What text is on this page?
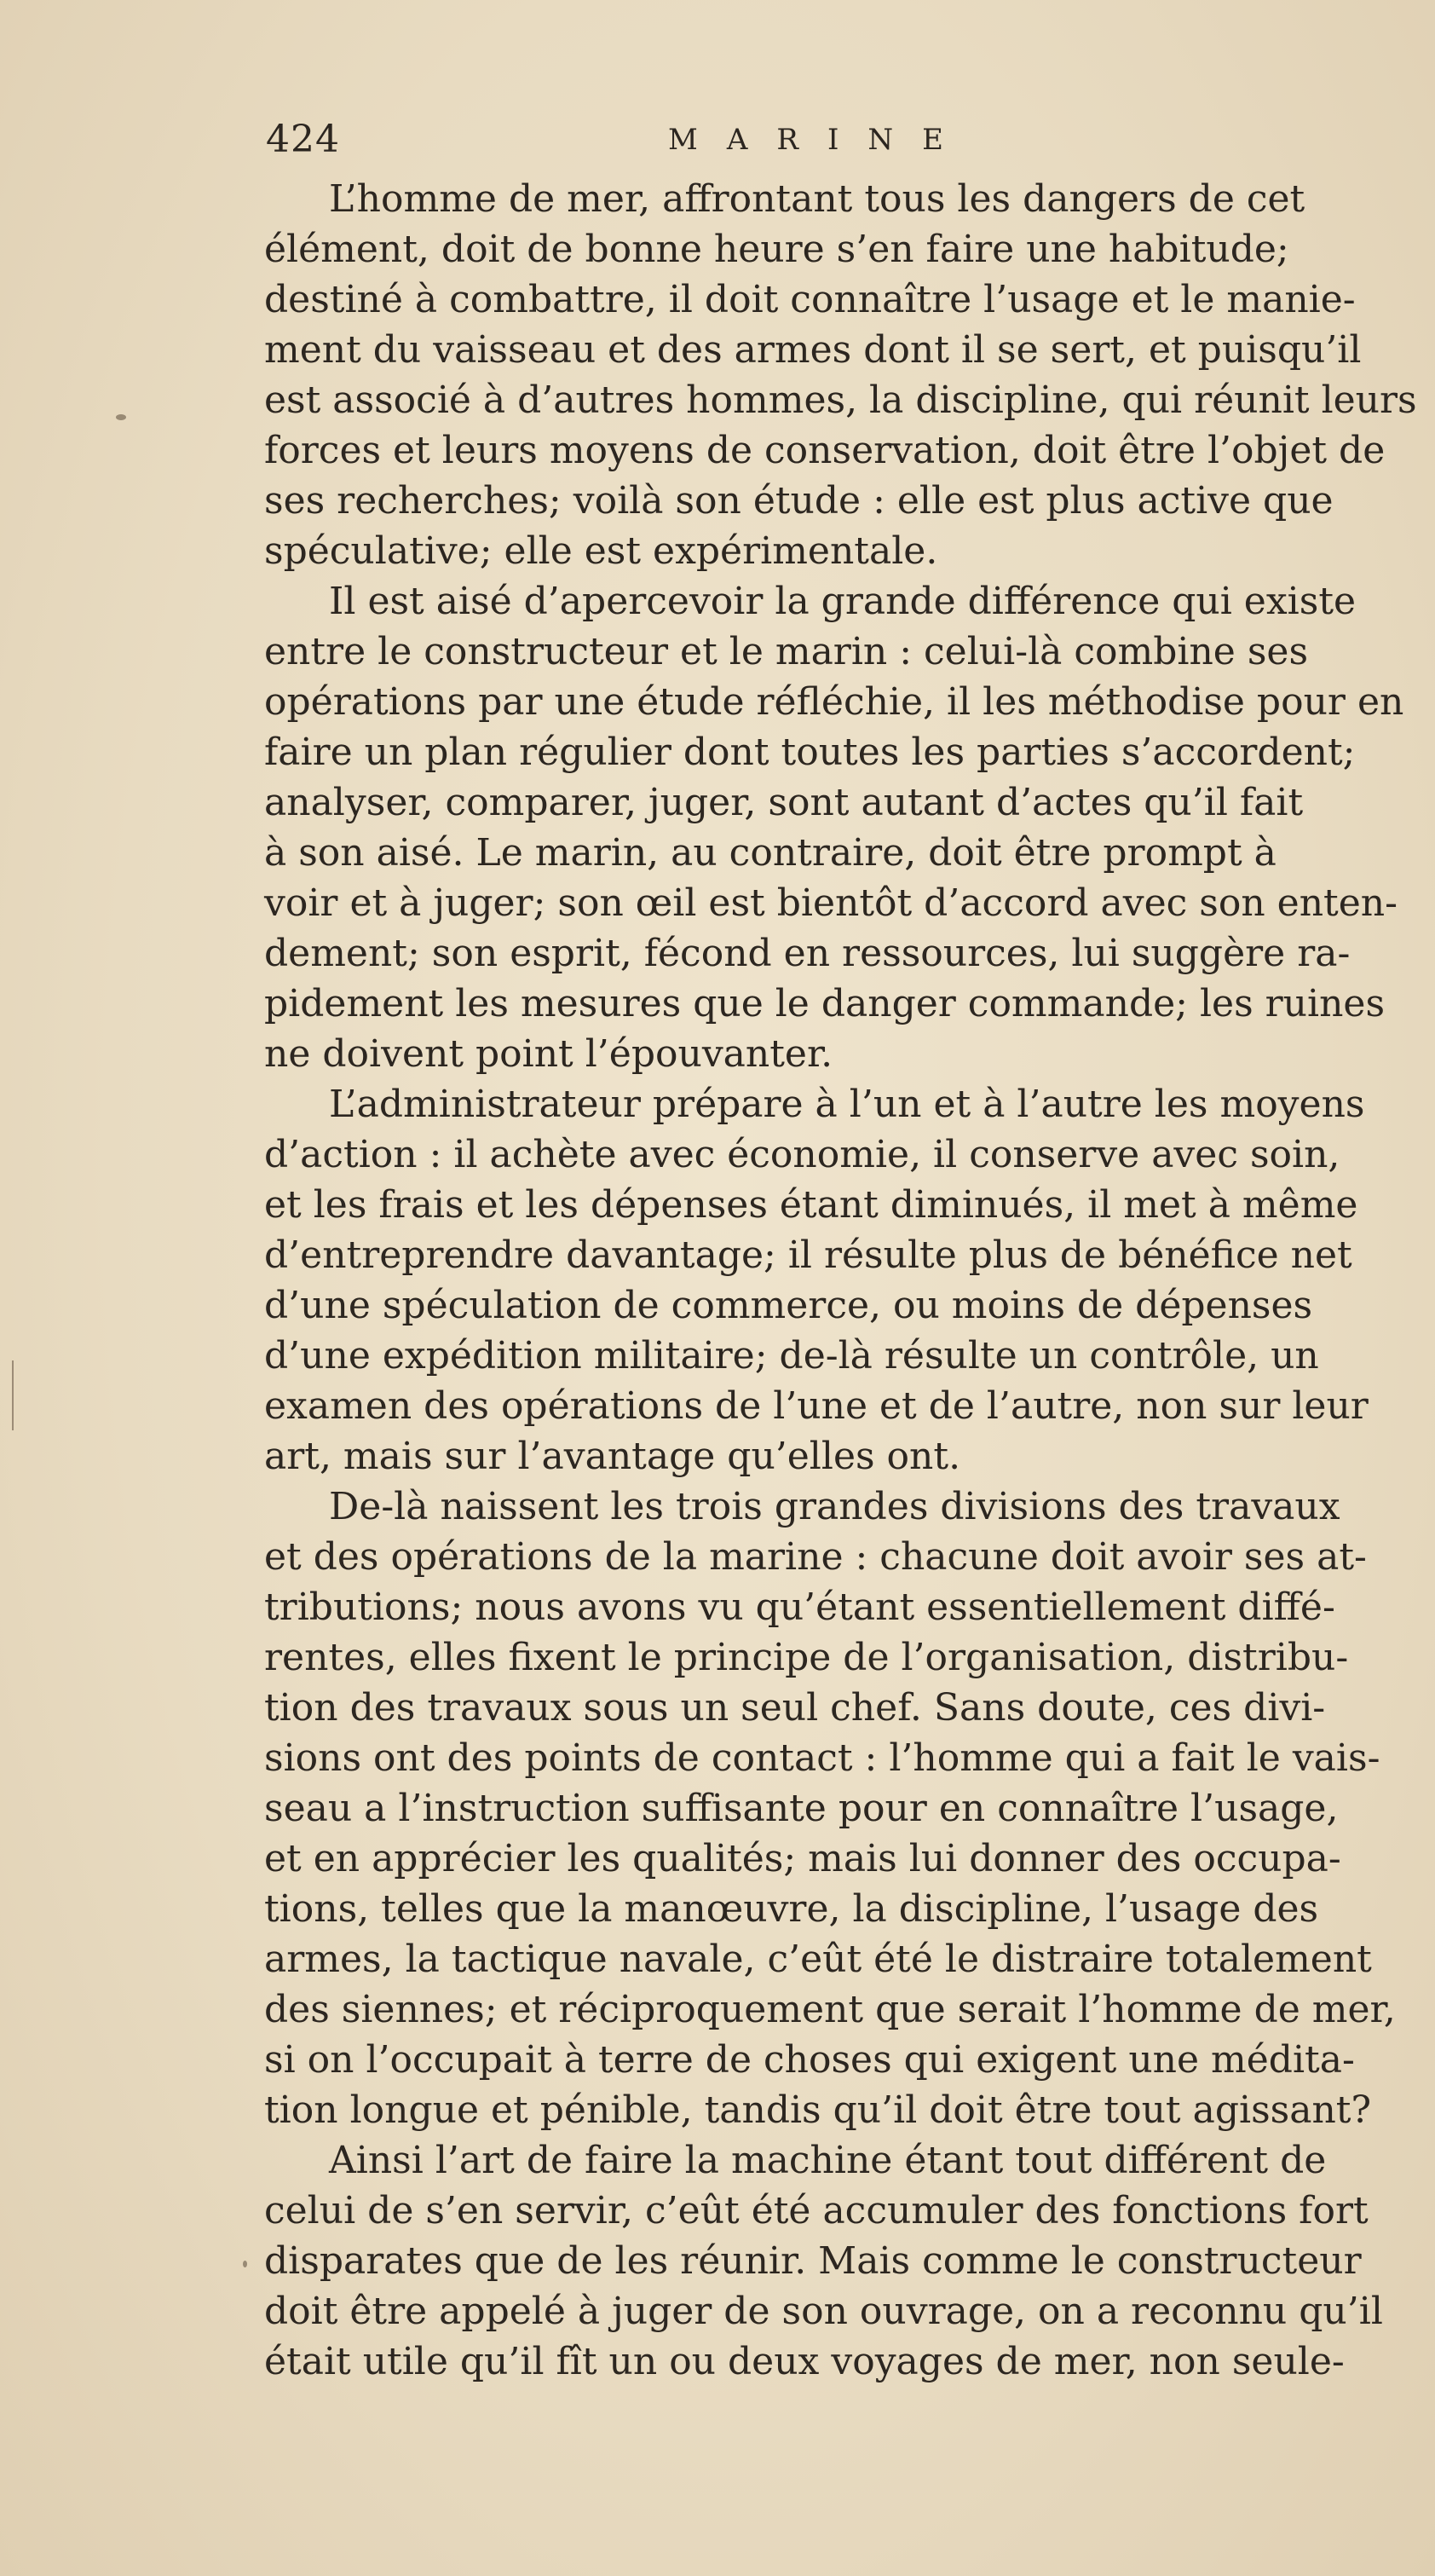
424	MARINE
L’homme de mer, affrontant tous les dangers de cet
élément, doit de bonne heure s’en faire une habitude;
destiné à combattre, il doit connaître l’usage et le manie-
ment du vaisseau et des armes dont il se sert, et puisqu’il
est associé à d’autres hommes, la discipline, qui réunit leurs
forces et leurs moyens de conservation, doit être l’objet de
ses recherches; voilà son étude : elle est plus active que
spéculative; elle est expérimentale.
Il est aisé d’apercevoir la grande différence qui existe
entre le constructeur et le marin : celui-là combine ses
opérations par une étude réfléchie, il les méthodise pour en
faire un plan régulier dont toutes les parties s’accordent;
analyser, comparer, juger, sont autant d’actes qu’il fait
à son aisé. Le marin, au contraire, doit être prompt à
voir et à juger; son œil est bientôt d’accord avec son enten-
dement; son esprit, fécond en ressources, lui suggère ra-
pidement les mesures que le danger commande; les ruines
ne doivent point l’épouvanter.
L’administrateur prépare à l’un et à l’autre les moyens
d’action : il achète avec économie, il conserve avec soin,
et les frais et les dépenses étant diminués, il met à même
d’entreprendre davantage; il résulte plus de bénéfice net
d’une spéculation de commerce, ou moins de dépenses
d’une expédition militaire; de-là résulte un contrôle, un
examen des opérations de l’une et de l’autre, non sur leur
art, mais sur l’avantage qu’elles ont.
De-là naissent les trois grandes divisions des travaux
et des opérations de la marine : chacune doit avoir ses at-
tributions; nous avons vu qu’étant essentiellement diffé-
rentes, elles fixent le principe de l’organisation, distribu-
tion des travaux sous un seul chef. Sans doute, ces divi-
sions ont des points de contact : l’homme qui a fait le vais-
seau a l’instruction suffisante pour en connaître l’usage,
et en apprécier les qualités; mais lui donner des occupa-
tions, telles que la manœuvre, la discipline, l’usage des
armes, la tactique navale, c’eût été le distraire totalement
des siennes; et réciproquement que serait l’homme de mer,
si on l’occupait à terre de choses qui exigent une médita-
tion longue et pénible, tandis qu’il doit être tout agissant?
Ainsi l’art de faire la machine étant tout différent de
celui de s’en servir, c’eût été accumuler des fonctions fort
disparates que de les réunir. Mais comme le constructeur
doit être appelé à juger de son ouvrage, on a reconnu qu’il
était utile qu’il fît un ou deux voyages de mer, non seule-
